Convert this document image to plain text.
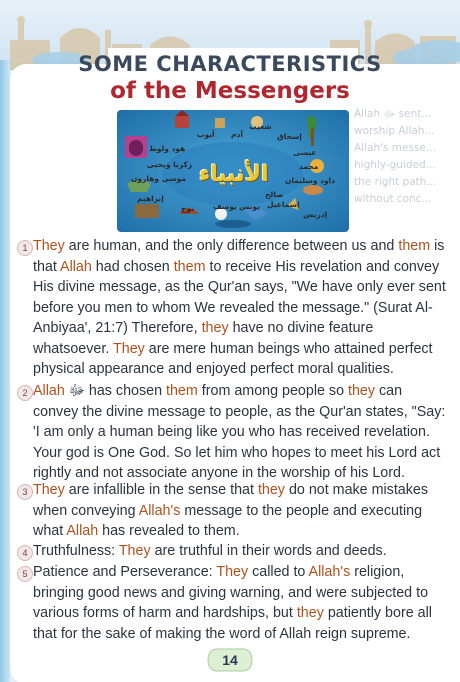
SOME CHARACTERISTICS
of the Messengers

Allah ﷻ sent...

worship Allah...

Allah's messe...

highly-guided...

the right path...

without conc...

الأنبياء
أيوب آدم
شعيب
إسحاق
عيسى
هود ولوط
زكريا ويحيى	محمد
موسى وهارون	داود وسليمان
صالح
إبراهيم
نوح	يوسف يونس إسماعيل
إدريس
1
2
3
4
5

They are human, and the only difference between us and them is that Allah had chosen them to receive His revelation and convey His divine message, as the Qur'an says, "We have only ever sent before you men to whom We revealed the message." (Surat Al-Anbiyaa', 21:7) Therefore, they have no divine feature whatsoever. They are mere human beings who attained perfect physical appearance and enjoyed perfect moral qualities.

Allah ﷻ has chosen them from among people so they can convey the divine message to people, as the Qur'an states, "Say: 'I am only a human being like you who has received revelation. Your god is One God. So let him who hopes to meet his Lord act rightly and not associate anyone in the worship of his Lord.

They are infallible in the sense that they do not make mistakes when conveying Allah's message to the people and executing what Allah has revealed to them.

Truthfulness: They are truthful in their words and deeds.

Patience and Perseverance: They called to Allah's religion, bringing good news and giving warning, and were subjected to various forms of harm and hardships, but they patiently bore all that for the sake of making the word of Allah reign supreme.

14
